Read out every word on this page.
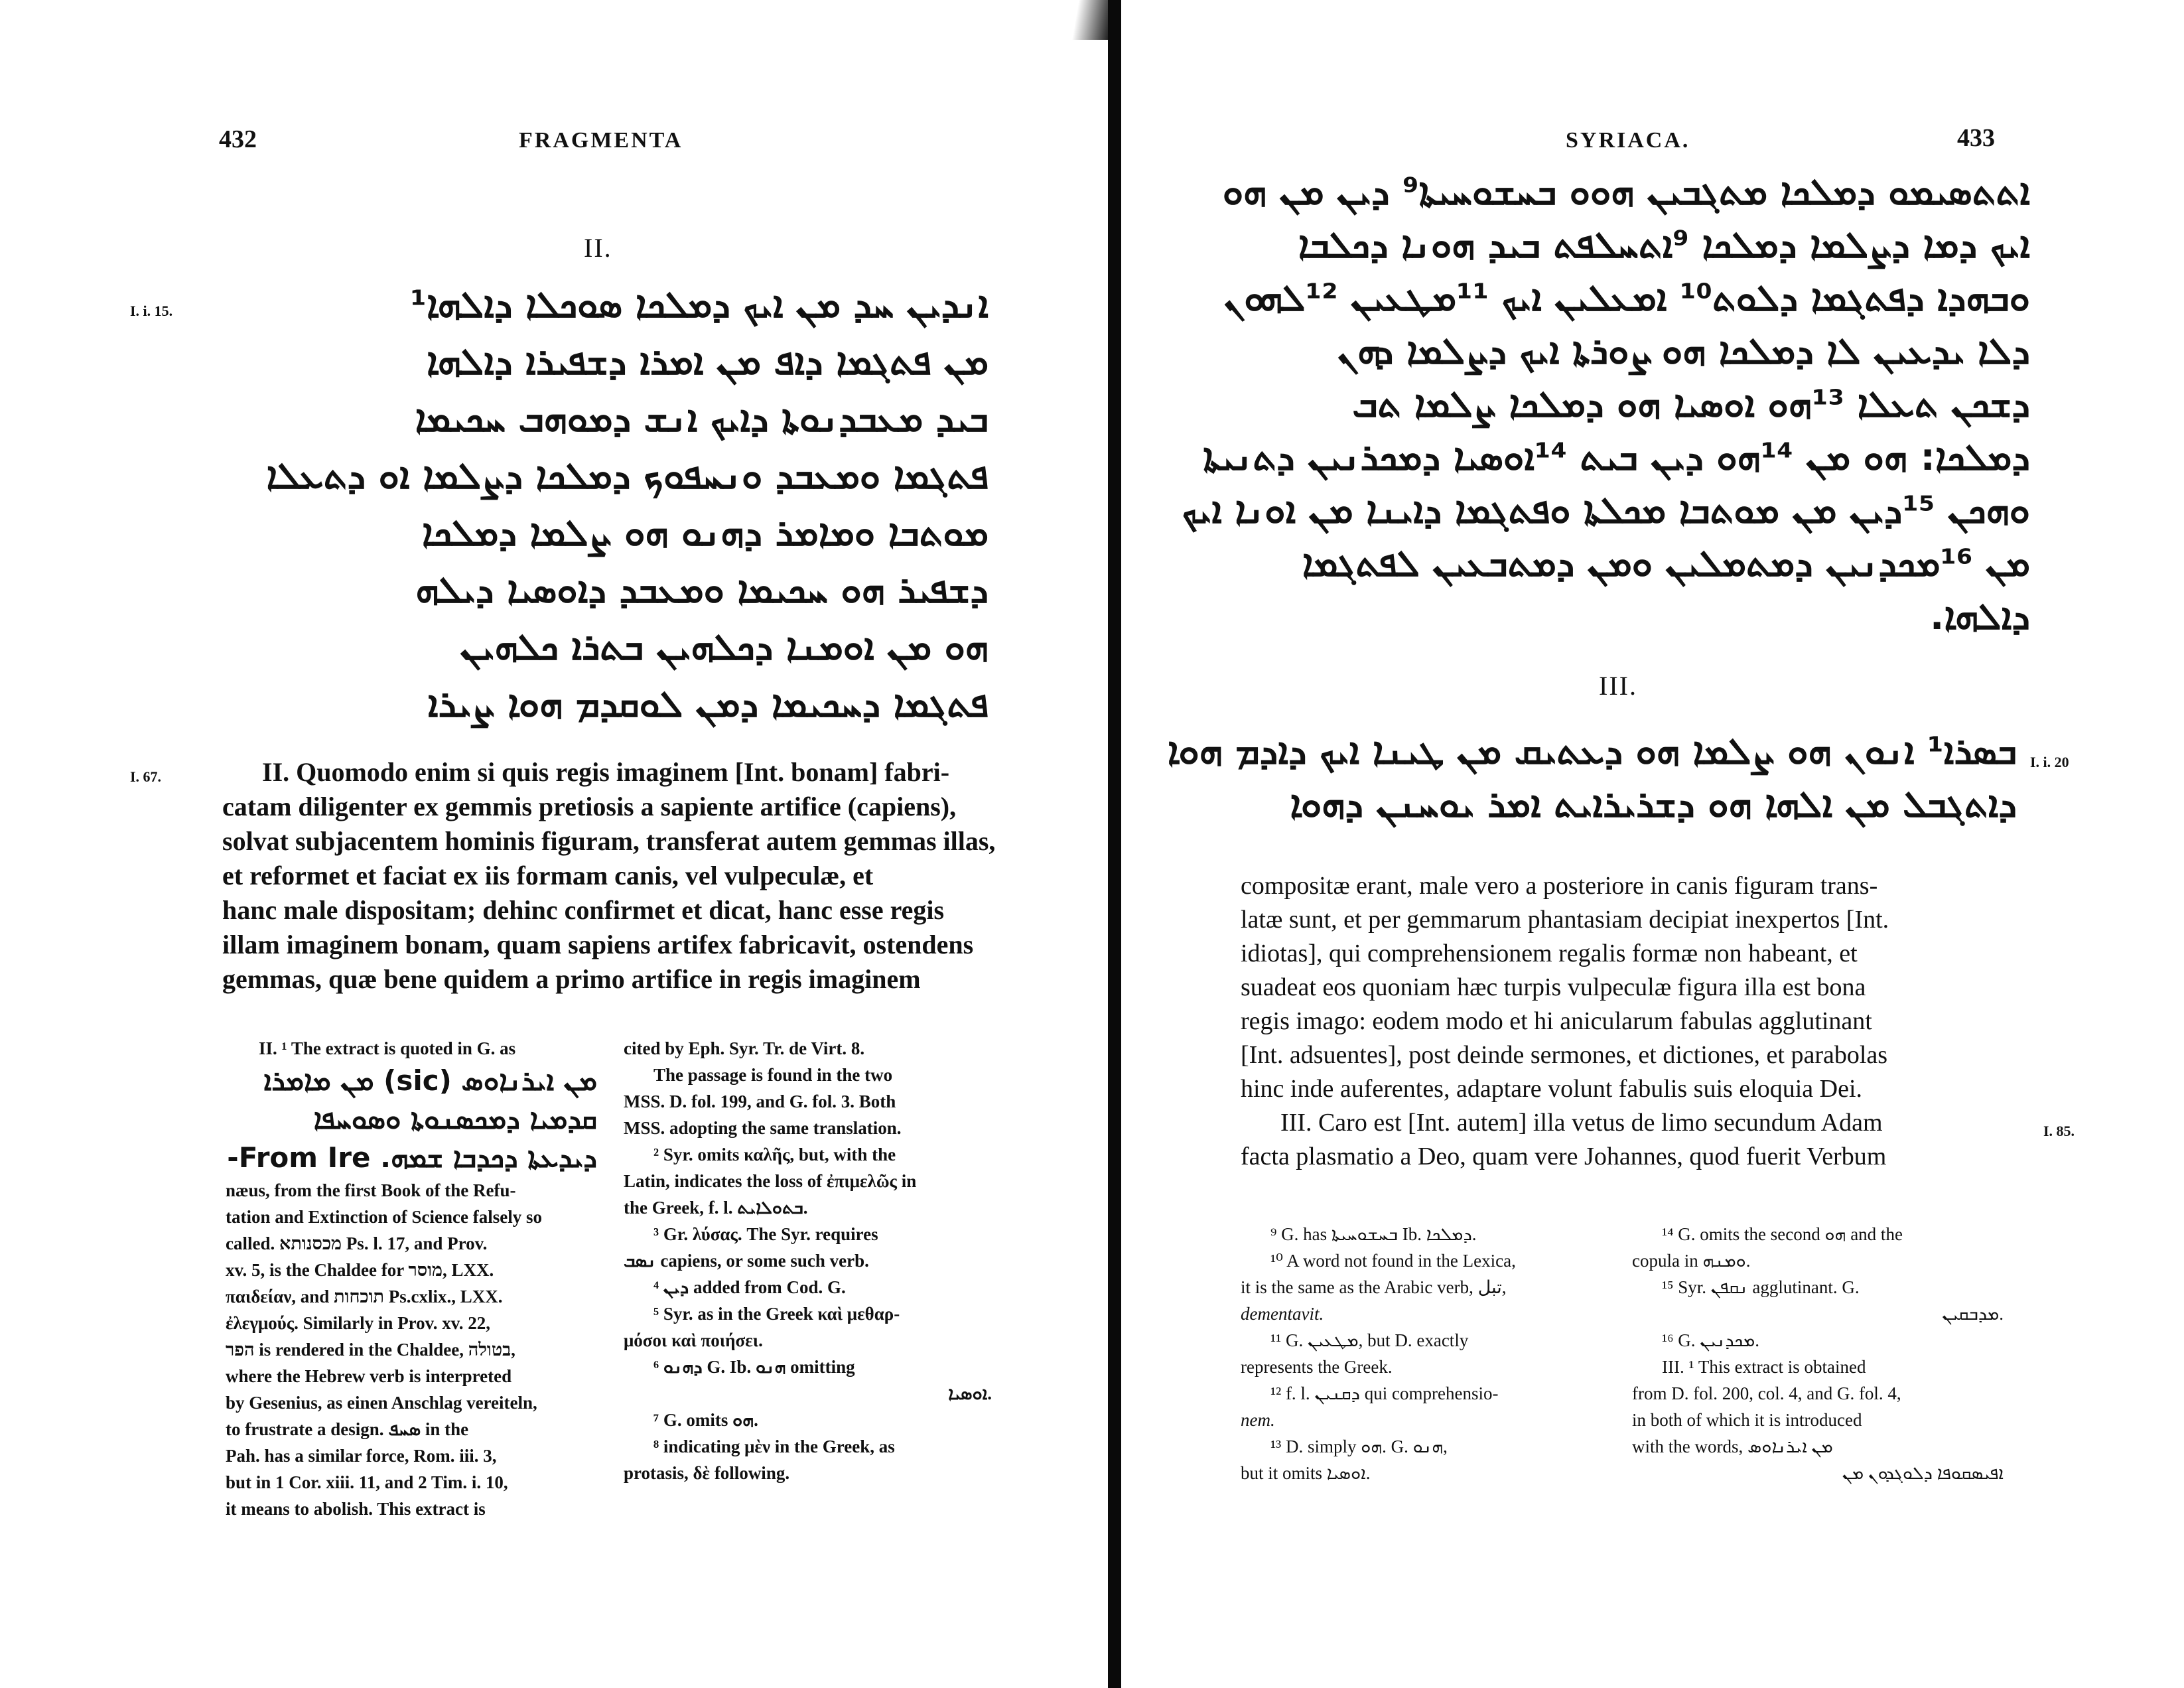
432	FRAGMENTA
II.
I. i. 15.
I. 67.
ܐܢܕܝܢ ܚܕ ܡܢ ܐܝܟ ܕܡܠܟܐ ܣܘܟܠܐ ܕܐܠܗܐ¹
ܡܢ ܦܬܓܡܐ ܕܐܦ ܡܢ ܐܡܪܐ ܕܫܦܝܪܐ ܕܐܠܗܐ
ܒܝܕ ܡܥܒܕܢܘܬܐ ܕܐܝܟ ܐܢܫ ܕܡܘܗܒ ܚܟܝܡܐ
ܦܬܓܡܐ ܘܡܥܒܕ ܘܢܚܦܘܟ ܕܡܠܟܐ ܕܨܠܡܐ ܐܘ ܕܬܥܠܐ
ܡܘܬܒܐ ܘܡܐܡܪ ܕܗܢܘ ܗܘ ܨܠܡܐ ܕܡܠܟܐ
ܕܫܦܝܪ ܗܘ ܚܟܝܡܐ ܘܡܥܒܕ ܕܐܘܣܝܐ ܕܝܠܗ
ܗܘ ܡܢ ܐܘܡܢܐ ܕܟܠܗܝܢ ܒܬܪܐ ܟܠܗܝܢ
ܦܬܓܡܐ ܕܚܟܝܡܐ ܕܡܢ ܠܘܩܕܡ ܗܘܐ ܨܝܪܐ
II. Quomodo enim si quis regis imaginem [Int. bonam] fabri-
catam diligenter ex gemmis pretiosis a sapiente artifice (capiens),
solvat subjacentem hominis figuram, transferat autem gemmas illas,
et reformet et faciat ex iis formam canis, vel vulpeculæ, et
hanc male dispositam; dehinc confirmet et dicat, hanc esse regis
illam imaginem bonam, quam sapiens artifex fabricavit, ostendens
gemmas, quæ bene quidem a primo artifice in regis imaginem
II. ¹ The extract is quoted in G. as
ܡܢ ܐܝܪܢܐܘܣ (sic) ܡܢ ܡܐܡܪܐ
ܩܕܡܝܐ ܕܡܟܣܢܘܬܐ ܘܣܘܚܦܐ
ܕܝܕܥܬܐ ܕܟܕܒܐ ܫܡܗ. From Ire-
næus, from the first Book of the Refu-
tation and Extinction of Science falsely so
called. מכסנותא Ps. l. 17, and Prov.
xv. 5, is the Chaldee for מוסר, LXX.
παιδείαν, and תוכחות Ps.cxlix., LXX.
ἐλεγμούς. Similarly in Prov. xv. 22,
הפר is rendered in the Chaldee, בטולה,
where the Hebrew verb is interpreted
by Gesenius, as einen Anschlag vereiteln,
to frustrate a design. ܣܚܦ in the
Pah. has a similar force, Rom. iii. 3,
but in 1 Cor. xiii. 11, and 2 Tim. i. 10,
it means to abolish. This extract is
cited by Eph. Syr. Tr. de Virt. 8.
The passage is found in the two
MSS. D. fol. 199, and G. fol. 3. Both
MSS. adopting the same translation.
² Syr. omits καλῆς, but, with the
Latin, indicates the loss of ἐπιμελῶς in
the Greek, f. l. ܒܬܘܠܐܝܬ.
³ Gr. λύσας. The Syr. requires
ܢܣܒ capiens, or some such verb.
⁴ ܕܝܢ added from Cod. G.
⁵ Syr. as in the Greek καὶ μεθαρ-
μόσοι καὶ ποιήσει.
⁶ ܕܗܢܘ G. Ib. ܗܢܘ omitting
ܐܘܣܝܐ.
⁷ G. omits ܗܘ.
⁸ indicating μὲν in the Greek, as
protasis, δὲ following.
SYRIACA.	433
ܐܬܬܣܝܡܘ ܕܡܠܟܐ ܡܬܓܒܝܢ ܗܘܘ ܒܚܫܘܚܝܬܐ⁹ ܕܝܢ ܡܢ ܗܘ
ܐܝܟ ܕܡܐ ܕܨܠܡܐ ܕܡܠܟܐ ⁹ܐܬܚܠܦܬ ܒܝܕ ܗܘܢܐ ܕܟܠܒܐ
ܘܒܗܕܐ ܕܦܬܓܡܐ ܕܠܘܬ¹⁰ ܐܡܥܠܝܢ ܐܝܟ ¹¹ܡܛܥܝܢ ¹²ܠܗܘܢ
ܕܠܐ ܝܕܥܝܢ ܠܐ ܕܡܠܟܐ ܗܘ ܨܘܪܬܐ ܐܝܟ ܕܨܠܡܐ ܕܗܢ
ܕܫܟܢ ܬܥܠܐ ¹³ܗܘ ܐܘܣܝܐ ܗܘ ܕܡܠܟܐ ܨܠܡܐ ܬܒ
ܕܡܠܟܐ: ܗܘ ܡܢ ¹⁴ܗܘ ܕܝܢ ܒܝܬ ¹⁴ܐܘܣܝܐ ܕܡܟܪܢܝܢ ܕܬܢܝܬܐ
ܘܗܟܢ ¹⁵ܕܝܢ ܡܢ ܡܘܬܒܐ ܡܟܠܬܐ ܘܦܬܓܡܐ ܕܐܝܢܐ ܡܢ ܐܘܢܐ ܐܝܟ
ܡܢ ¹⁶ܡܟܕܢܝܢ ܕܡܬܡܠܝܢ ܘܡܢ ܕܡܬܒܥܝܢ ܠܦܬܓܡܐ
ܕܐܠܗܐ.
III.
I. i. 20
ܒܣܪܐ¹ ܐܢܘܢ ܗܘ ܨܠܡܐ ܗܘ ܕܥܬܝܩ ܡܢ ܛܝܢܐ ܐܝܟ ܕܐܕܡ ܗܘܐ
ܕܐܬܓܒܠ ܡܢ ܐܠܗܐ ܗܘ ܕܫܪܝܪܐܝܬ ܐܡܪ ܝܘܚܢܢ ܕܗܘܐ
compositæ erant, male vero a posteriore in canis figuram trans-
latæ sunt, et per gemmarum phantasiam decipiat inexpertos [Int.
idiotas], qui comprehensionem regalis formæ non habeant, et
suadeat eos quoniam hæc turpis vulpeculæ figura illa est bona
regis imago: eodem modo et hi anicularum fabulas agglutinant
[Int. adsuentes], post deinde sermones, et dictiones, et parabolas
hinc inde auferentes, adaptare volunt fabulis suis eloquia Dei.
III. Caro est [Int. autem] illa vetus de limo secundum Adam
facta plasmatio a Deo, quam vere Johannes, quod fuerit Verbum
I. 85.
⁹ G. has ܒܚܫܘܚܝܬܐ Ib. ܕܡܠܟܐ.
¹⁰ A word not found in the Lexica,
it is the same as the Arabic verb, تبل,
dementavit.
¹¹ G. ܡܛܥܝܢ, but D. exactly
represents the Greek.
¹² f. l. ܕܩܢܝܢ qui comprehensio-
nem.
¹³ D. simply ܗܘ. G. ܗܢܘ,
but it omits ܐܘܣܝܐ.
¹⁴ G. omits the second ܗܘ and the
copula in ܘܡܢܗ.
¹⁵ Syr. ܢܩܦܢ agglutinant. G.
ܡܕܒܩܝܢ.
¹⁶ G. ܡܟܕܢܝܢ.
III. ¹ This extract is obtained
from D. fol. 200, col. 4, and G. fol. 4,
in both of which it is introduced
with the words, ܡܢ ܐܝܪܢܐܘܣ
ܐܦܝܣܩܘܦܐ ܕܠܘܓܕܘܢ ܡܢ
